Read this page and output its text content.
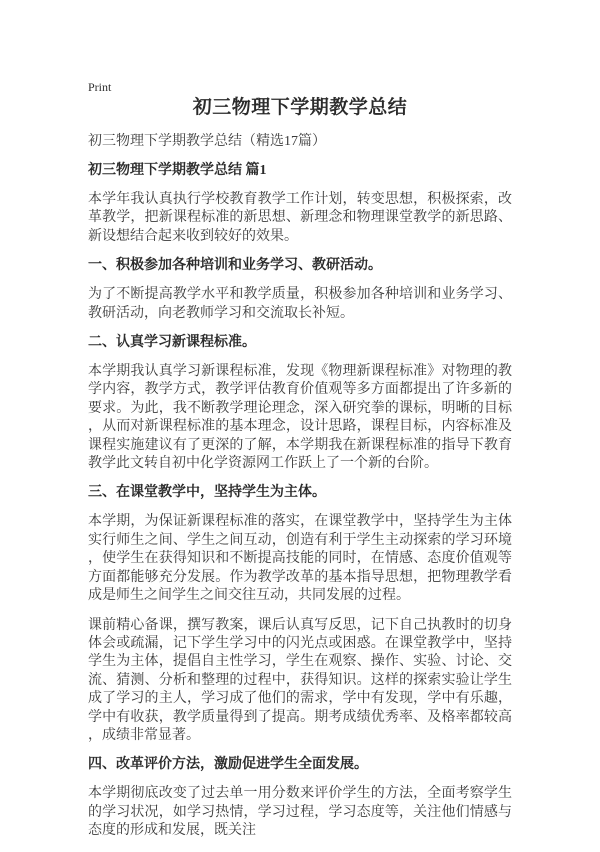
Print
初三物理下学期教学总结

初三物理下学期教学总结（精选17篇）

初三物理下学期教学总结 篇1

本学年我认真执行学校教育教学工作计划，转变思想，积极探索，改革教学，把新课程标准的新思想、新理念和物理课堂教学的新思路、新设想结合起来收到较好的效果。

一、积极参加各种培训和业务学习、教研活动。

为了不断提高教学水平和教学质量，积极参加各种培训和业务学习、教研活动，向老教师学习和交流取长补短。

二、认真学习新课程标准。

本学期我认真学习新课程标准，发现《物理新课程标准》对物理的教学内容，教学方式，教学评估教育价值观等多方面都提出了许多新的要求。为此，我不断教学理论理念，深入研究拳的课标，明晰的目标，从而对新课程标准的基本理念，设计思路，课程目标，内容标准及课程实施建议有了更深的了解，本学期我在新课程标准的指导下教育教学此文转自初中化学资源网工作跃上了一个新的台阶。

三、在课堂教学中，坚持学生为主体。

本学期，为保证新课程标准的落实，在课堂教学中，坚持学生为主体实行师生之间、学生之间互动，创造有利于学生主动探索的学习环境，使学生在获得知识和不断提高技能的同时，在情感、态度价值观等方面都能够充分发展。作为教学改革的基本指导思想，把物理教学看成是师生之间学生之间交往互动，共同发展的过程。

课前精心备课，撰写教案，课后认真写反思，记下自己执教时的切身体会或疏漏，记下学生学习中的闪光点或困惑。在课堂教学中，坚持学生为主体，提倡自主性学习，学生在观察、操作、实验、讨论、交流、猜测、分析和整理的过程中，获得知识。这样的探索实验让学生成了学习的主人，学习成了他们的需求，学中有发现，学中有乐趣，学中有收获，教学质量得到了提高。期考成绩优秀率、及格率都较高，成绩非常显著。

四、改革评价方法，激励促进学生全面发展。

本学期彻底改变了过去单一用分数来评价学生的方法，全面考察学生的学习状况，如学习热情，学习过程，学习态度等，关注他们情感与态度的形成和发展，既关注
